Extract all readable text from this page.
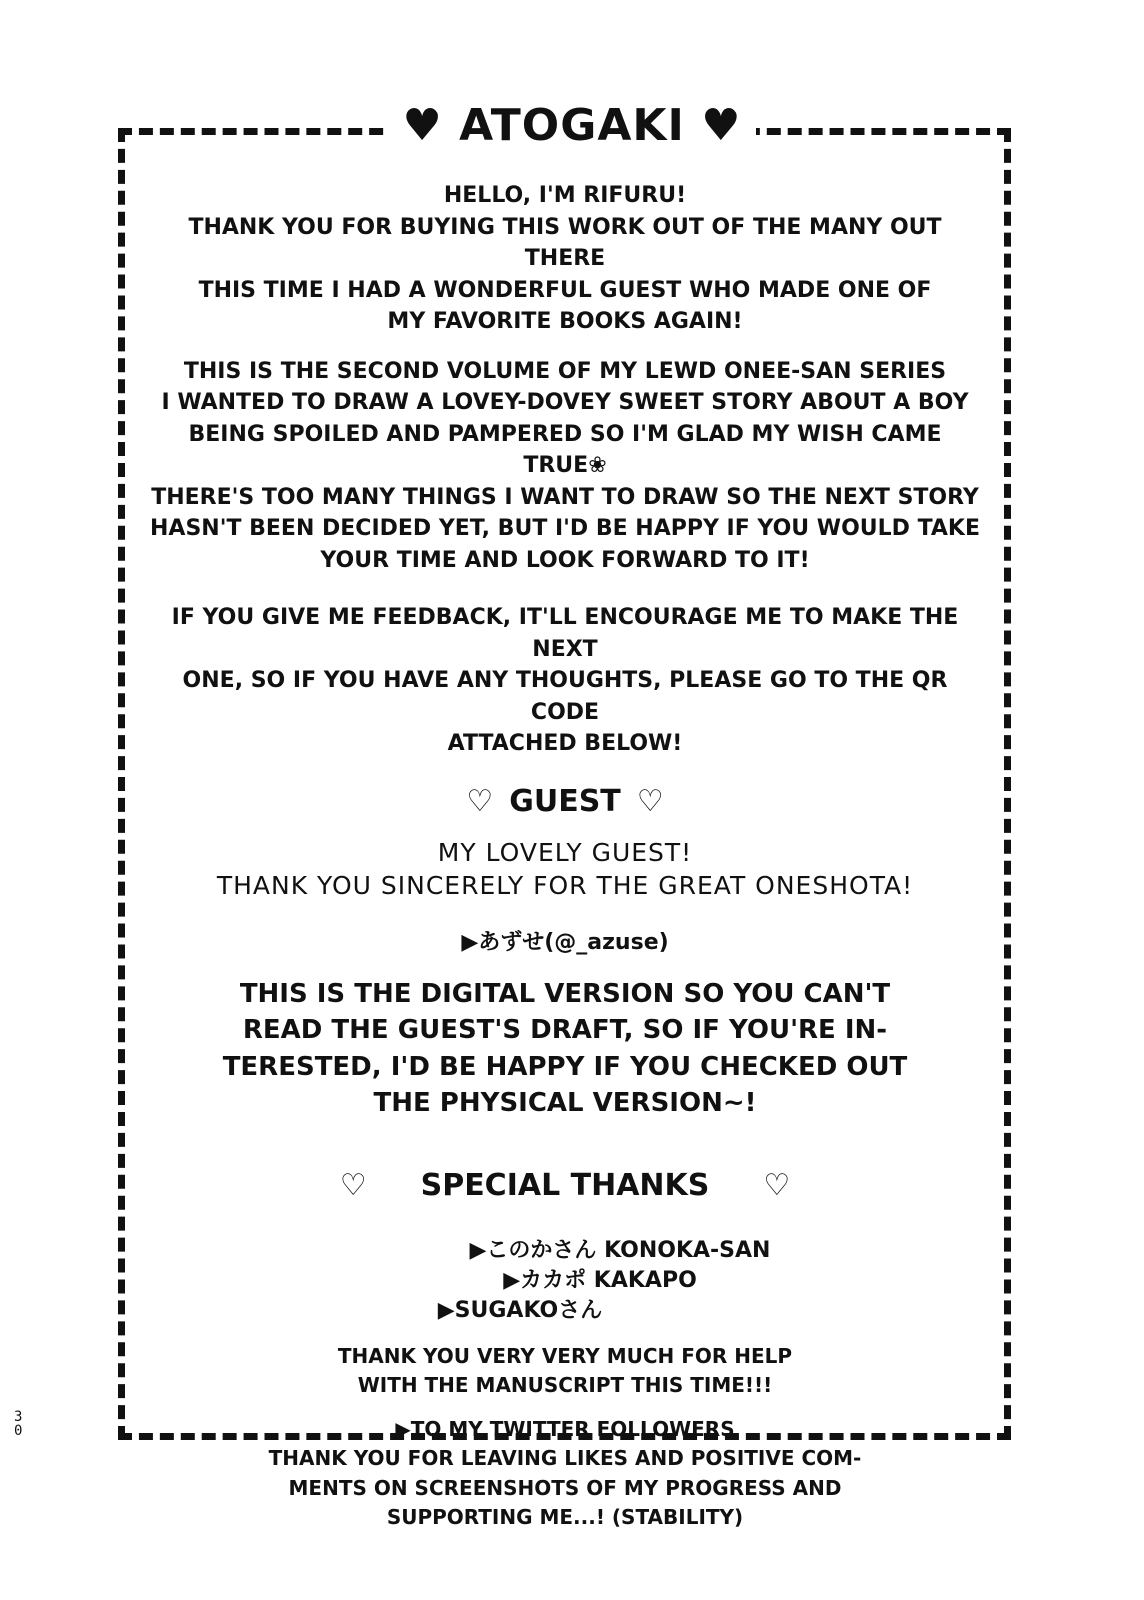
♥ ATOGAKI ♥

HELLO, I'M RIFURU!

THANK YOU FOR BUYING THIS WORK OUT OF THE MANY OUT THERE

THIS TIME I HAD A WONDERFUL GUEST WHO MADE ONE OF

MY FAVORITE BOOKS AGAIN!

THIS IS THE SECOND VOLUME OF MY LEWD ONEE-SAN SERIES

I WANTED TO DRAW A LOVEY-DOVEY SWEET STORY ABOUT A BOY

BEING SPOILED AND PAMPERED SO I'M GLAD MY WISH CAME TRUE❀

THERE'S TOO MANY THINGS I WANT TO DRAW SO THE NEXT STORY

HASN'T BEEN DECIDED YET, BUT I'D BE HAPPY IF YOU WOULD TAKE

YOUR TIME AND LOOK FORWARD TO IT!

IF YOU GIVE ME FEEDBACK, IT'LL ENCOURAGE ME TO MAKE THE NEXT

ONE, SO IF YOU HAVE ANY THOUGHTS, PLEASE GO TO THE QR CODE

ATTACHED BELOW!

♡ GUEST ♡

MY LOVELY GUEST!

THANK YOU SINCERELY FOR THE GREAT ONESHOTA!

▶あずせ(@_azuse)

THIS IS THE DIGITAL VERSION SO YOU CAN'T

READ THE GUEST'S DRAFT, SO IF YOU'RE IN-

TERESTED, I'D BE HAPPY IF YOU CHECKED OUT

THE PHYSICAL VERSION~!

♡ SPECIAL THANKS ♡
▶このかさん KONOKA-SAN
▶カカポ KAKAPO
▶SUGAKOさん

THANK YOU VERY VERY MUCH FOR HELP

WITH THE MANUSCRIPT THIS TIME!!!

▶TO MY TWITTER FOLLOWERS

THANK YOU FOR LEAVING LIKES AND POSITIVE COM-

MENTS ON SCREENSHOTS OF MY PROGRESS AND

SUPPORTING ME...! (STABILITY)

30
